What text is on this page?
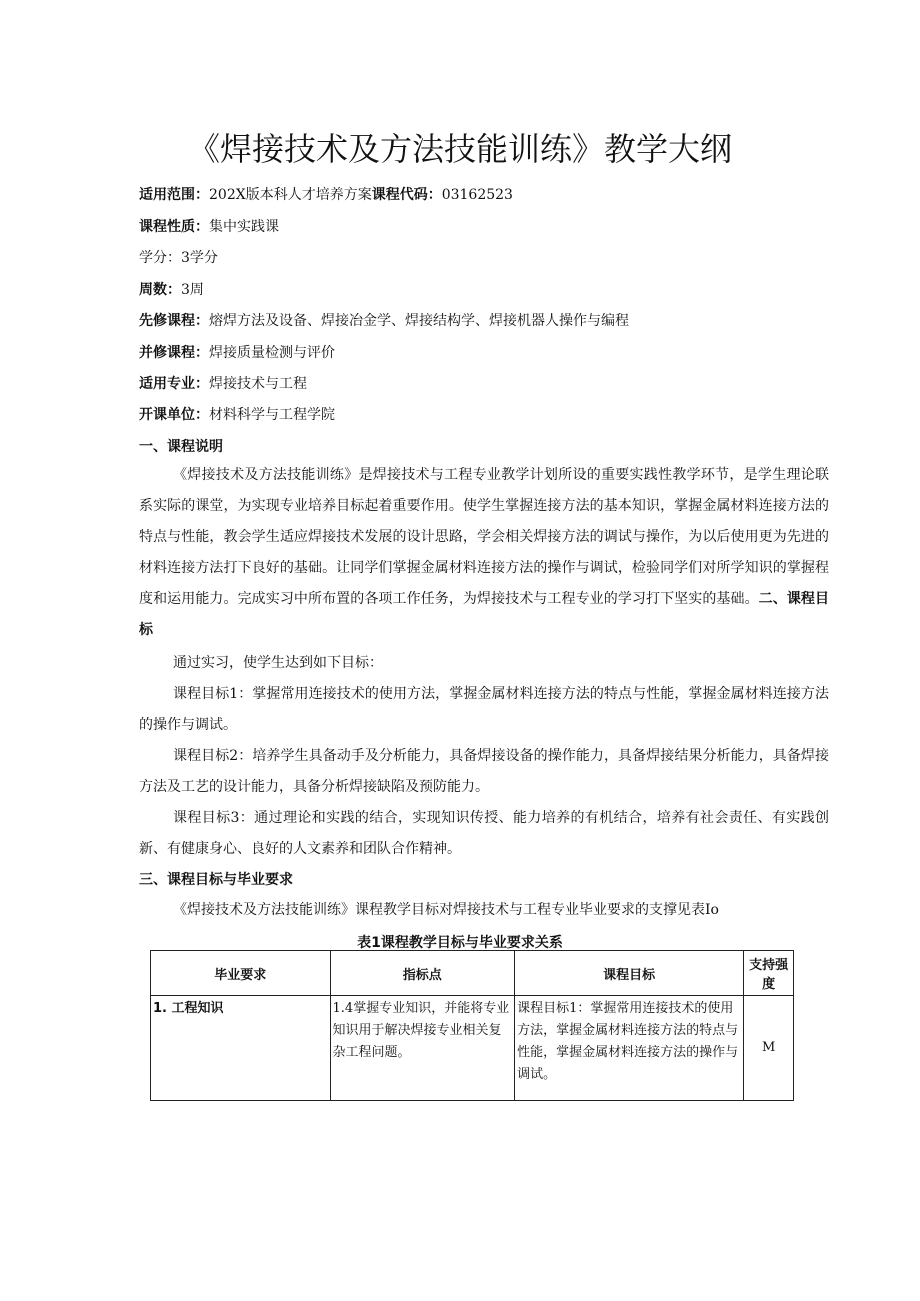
《焊接技术及方法技能训练》教学大纲
适用范围：202X版本科人才培养方案课程代码：03162523
课程性质：集中实践课
学分：3学分
周数：3周
先修课程：熔焊方法及设备、焊接冶金学、焊接结构学、焊接机器人操作与编程
并修课程：焊接质量检测与评价
适用专业：焊接技术与工程
开课单位：材料科学与工程学院
一、课程说明
《焊接技术及方法技能训练》是焊接技术与工程专业教学计划所设的重要实践性教学环节，是学生理论联系实际的课堂，为实现专业培养目标起着重要作用。使学生掌握连接方法的基本知识，掌握金属材料连接方法的特点与性能，教会学生适应焊接技术发展的设计思路，学会相关焊接方法的调试与操作，为以后使用更为先进的材料连接方法打下良好的基础。让同学们掌握金属材料连接方法的操作与调试，检验同学们对所学知识的掌握程度和运用能力。完成实习中所布置的各项工作任务，为焊接技术与工程专业的学习打下坚实的基础。二、课程目标
通过实习，使学生达到如下目标：
课程目标1：掌握常用连接技术的使用方法，掌握金属材料连接方法的特点与性能，掌握金属材料连接方法的操作与调试。
课程目标2：培养学生具备动手及分析能力，具备焊接设备的操作能力，具备焊接结果分析能力，具备焊接方法及工艺的设计能力，具备分析焊接缺陷及预防能力。
课程目标3：通过理论和实践的结合，实现知识传授、能力培养的有机结合，培养有社会责任、有实践创新、有健康身心、良好的人文素养和团队合作精神。
三、课程目标与毕业要求
《焊接技术及方法技能训练》课程教学目标对焊接技术与工程专业毕业要求的支撑见表Io
表1课程教学目标与毕业要求关系
毕业要求	指标点	课程目标	支持强度
1. 工程知识	1.4掌握专业知识，并能将专业知识用于解决焊接专业相关复杂工程问题。	课程目标1：掌握常用连接技术的使用方法，掌握金属材料连接方法的特点与性能，掌握金属材料连接方法的操作与调试。	M
